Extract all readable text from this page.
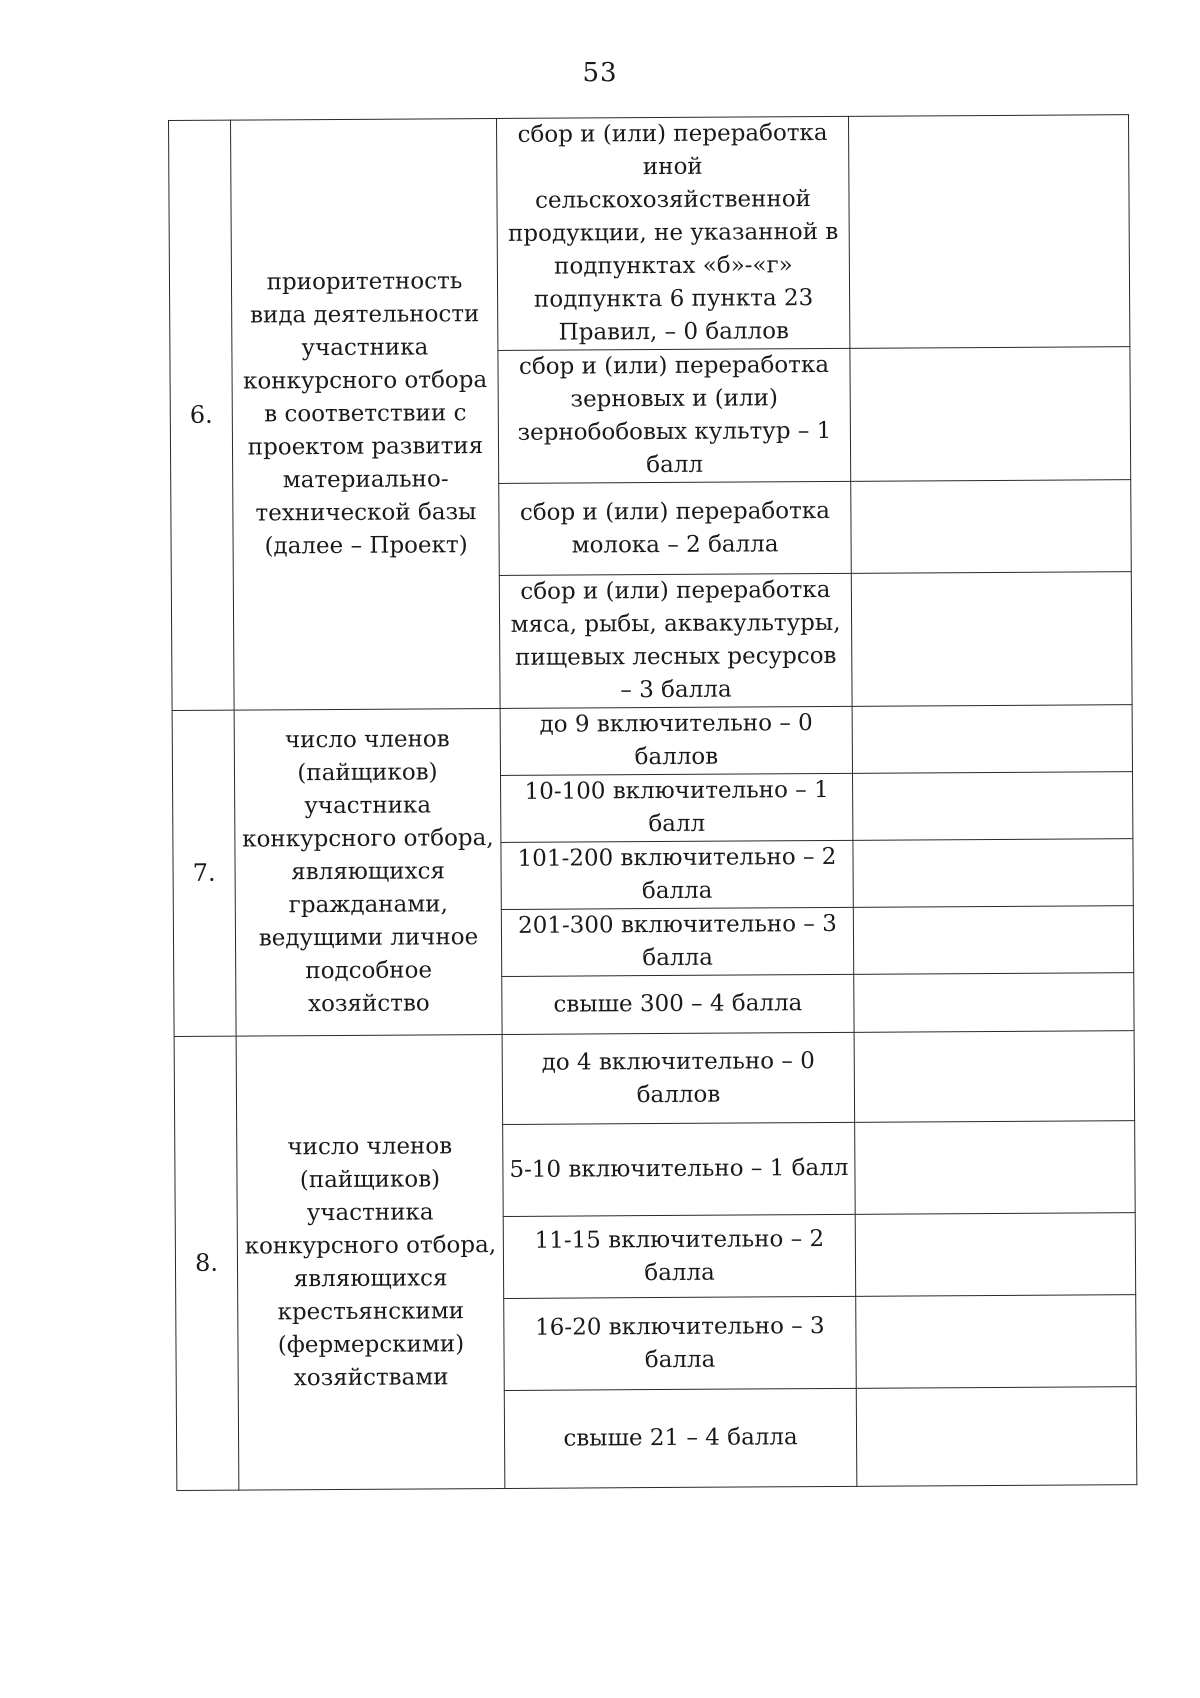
53
6.	приоритетность вида деятельности участника конкурсного отбора в соответствии с проектом развития материально-технической базы (далее – Проект)	сбор и (или) переработка иной сельскохозяйственной продукции, не указанной в подпунктах «б»-«г» подпункта 6 пункта 23 Правил, – 0 баллов	
		сбор и (или) переработка зерновых и (или) зернобобовых культур – 1 балл	
		сбор и (или) переработка молока – 2 балла	
		сбор и (или) переработка мяса, рыбы, аквакультуры, пищевых лесных ресурсов – 3 балла	
7.	число членов (пайщиков) участника конкурсного отбора, являющихся гражданами, ведущими личное подсобное хозяйство	до 9 включительно – 0 баллов	
		10-100 включительно – 1 балл	
		101-200 включительно – 2 балла	
		201-300 включительно – 3 балла	
		свыше 300 – 4 балла	
8.	число членов (пайщиков) участника конкурсного отбора, являющихся крестьянскими (фермерскими) хозяйствами	до 4 включительно – 0 баллов	
		5-10 включительно – 1 балл	
		11-15 включительно – 2 балла	
		16-20 включительно – 3 балла	
		свыше 21 – 4 балла	
